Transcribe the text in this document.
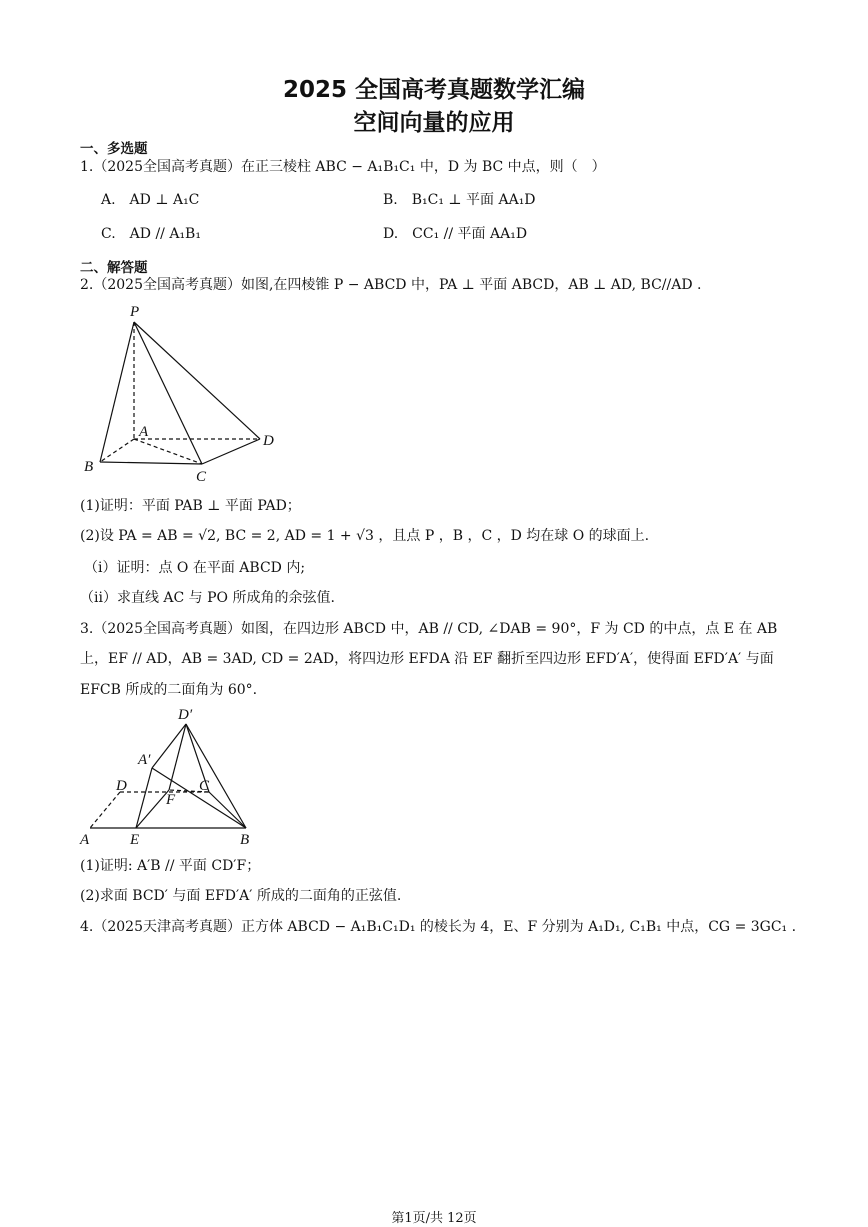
2025 全国高考真题数学汇编
空间向量的应用
一、多选题
1.（2025全国高考真题）在正三棱柱 ABC − A₁B₁C₁ 中，D 为 BC 中点，则（　）
A.　AD ⊥ A₁C	B.　B₁C₁ ⊥ 平面 AA₁D
C.　AD // A₁B₁	D.　CC₁ // 平面 AA₁D
二、解答题
2.（2025全国高考真题）如图,在四棱锥 P − ABCD 中，PA ⊥ 平面 ABCD，AB ⊥ AD, BC//AD .
P
A
B
C
D
(1)证明：平面 PAB ⊥ 平面 PAD；
(2)设 PA = AB = √2, BC = 2, AD = 1 + √3 ，且点 P ，B ，C ，D 均在球 O 的球面上.
（i）证明：点 O 在平面 ABCD 内;
（ii）求直线 AC 与 PO 所成角的余弦值.
3.（2025全国高考真题）如图，在四边形 ABCD 中，AB // CD, ∠DAB = 90°，F 为 CD 的中点，点 E 在 AB
上，EF // AD，AB = 3AD, CD = 2AD，将四边形 EFDA 沿 EF 翻折至四边形 EFD′A′，使得面 EFD′A′ 与面
EFCB 所成的二面角为 60°.
D′
A′
D	C
F
A	E	B
(1)证明: A′B // 平面 CD′F；
(2)求面 BCD′ 与面 EFD′A′ 所成的二面角的正弦值.
4.（2025天津高考真题）正方体 ABCD − A₁B₁C₁D₁ 的棱长为 4，E、F 分别为 A₁D₁, C₁B₁ 中点，CG = 3GC₁ .
第1页/共 12页
